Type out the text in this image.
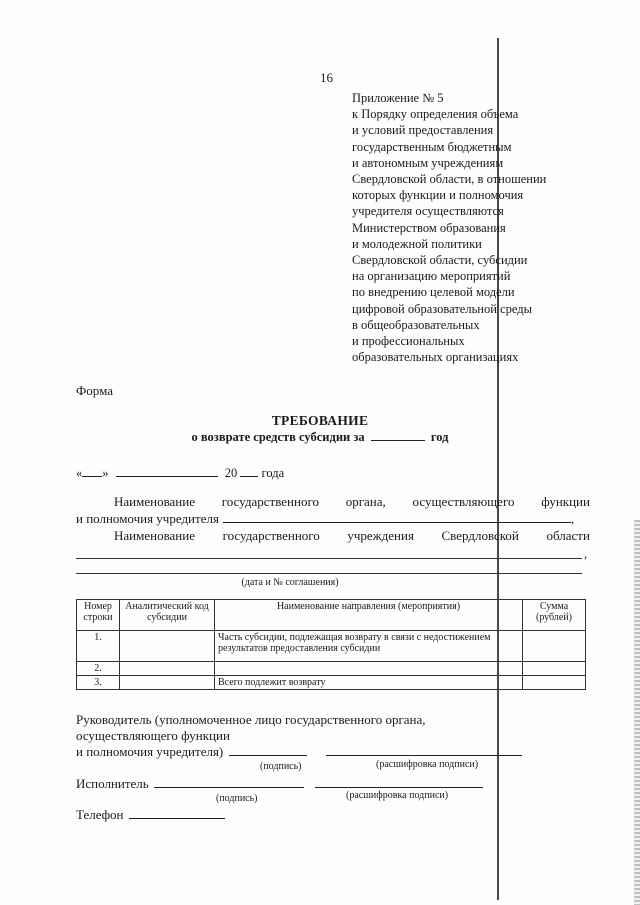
16
Приложение № 5
к Порядку определения объема
и условий предоставления
государственным бюджетным
и автономным учреждениям
Свердловской области, в отношении
которых функции и полномочия
учредителя осуществляются
Министерством образования
и молодежной политики
Свердловской области, субсидии
на организацию мероприятий
по внедрению целевой модели
цифровой образовательной среды
в общеобразовательных
и профессиональных
образовательных организациях
Форма
ТРЕБОВАНИЕ
о возврате средств субсидии за	год
« »	20 года
Наименование государственного органа, осуществляющего функции
и полномочия учредителя	,
Наименование государственного учреждения Свердловской области
,
(дата и № соглашения)
Номер строки	Аналитический код субсидии	Наименование направления (мероприятия)	Сумма (рублей)
1.		Часть субсидии, подлежащая возврату в связи с недостижением результатов предоставления субсидии	
2.			
3.		Всего подлежит возврату	
Руководитель (уполномоченное лицо государственного органа,
осуществляющего функции
и полномочия учредителя)
(подпись)	(расшифровка подписи)
Исполнитель
(подпись)	(расшифровка подписи)
Телефон
